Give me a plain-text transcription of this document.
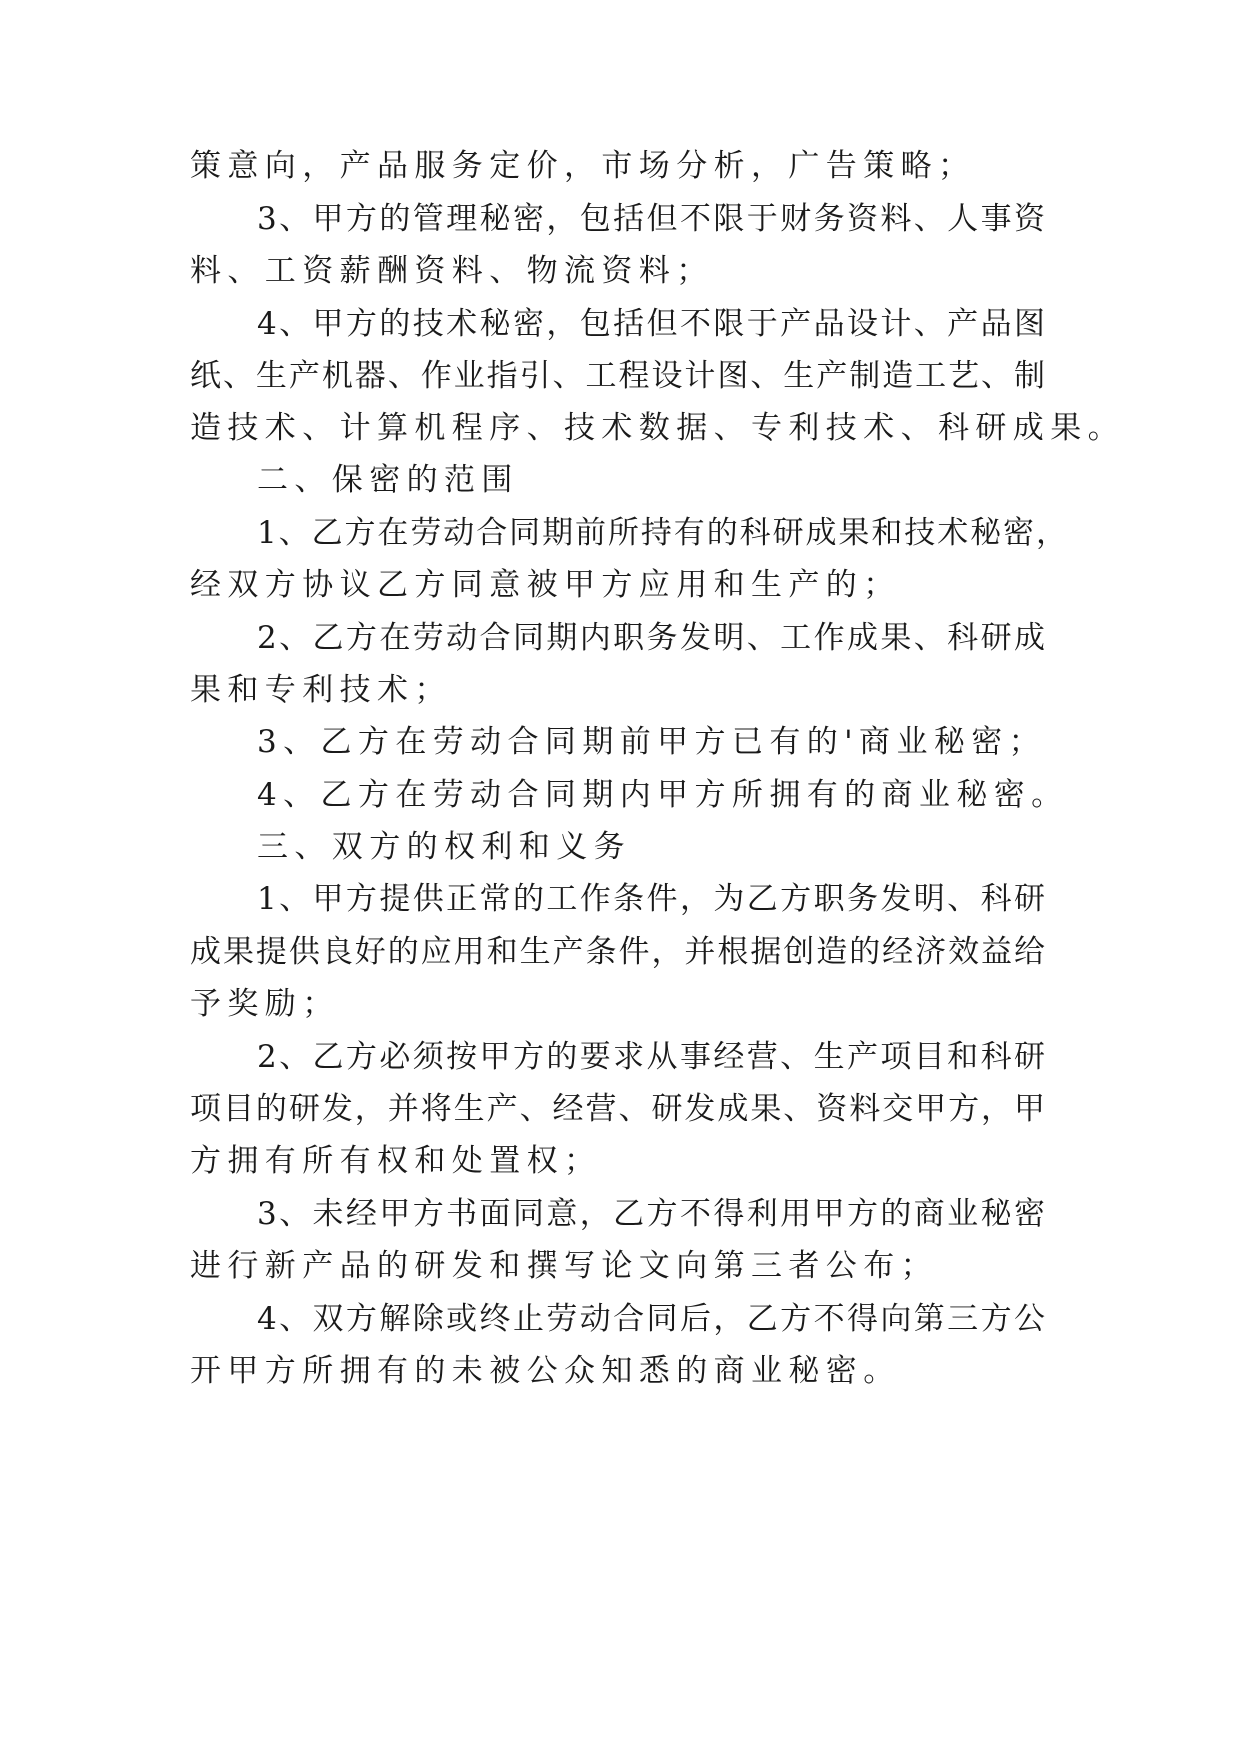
策意向，产品服务定价，市场分析，广告策略；
3、甲方的管理秘密，包括但不限于财务资料、人事资
料、工资薪酬资料、物流资料；
4、甲方的技术秘密，包括但不限于产品设计、产品图
纸、生产机器、作业指引、工程设计图、生产制造工艺、制
造技术、计算机程序、技术数据、专利技术、科研成果。
二、保密的范围
1、乙方在劳动合同期前所持有的科研成果和技术秘密，
经双方协议乙方同意被甲方应用和生产的；
2、乙方在劳动合同期内职务发明、工作成果、科研成
果和专利技术；
3、乙方在劳动合同期前甲方已有的'商业秘密；
4、乙方在劳动合同期内甲方所拥有的商业秘密。
三、双方的权利和义务
1、甲方提供正常的工作条件，为乙方职务发明、科研
成果提供良好的应用和生产条件，并根据创造的经济效益给
予奖励；
2、乙方必须按甲方的要求从事经营、生产项目和科研
项目的研发，并将生产、经营、研发成果、资料交甲方，甲
方拥有所有权和处置权；
3、未经甲方书面同意，乙方不得利用甲方的商业秘密
进行新产品的研发和撰写论文向第三者公布；
4、双方解除或终止劳动合同后，乙方不得向第三方公
开甲方所拥有的未被公众知悉的商业秘密。
